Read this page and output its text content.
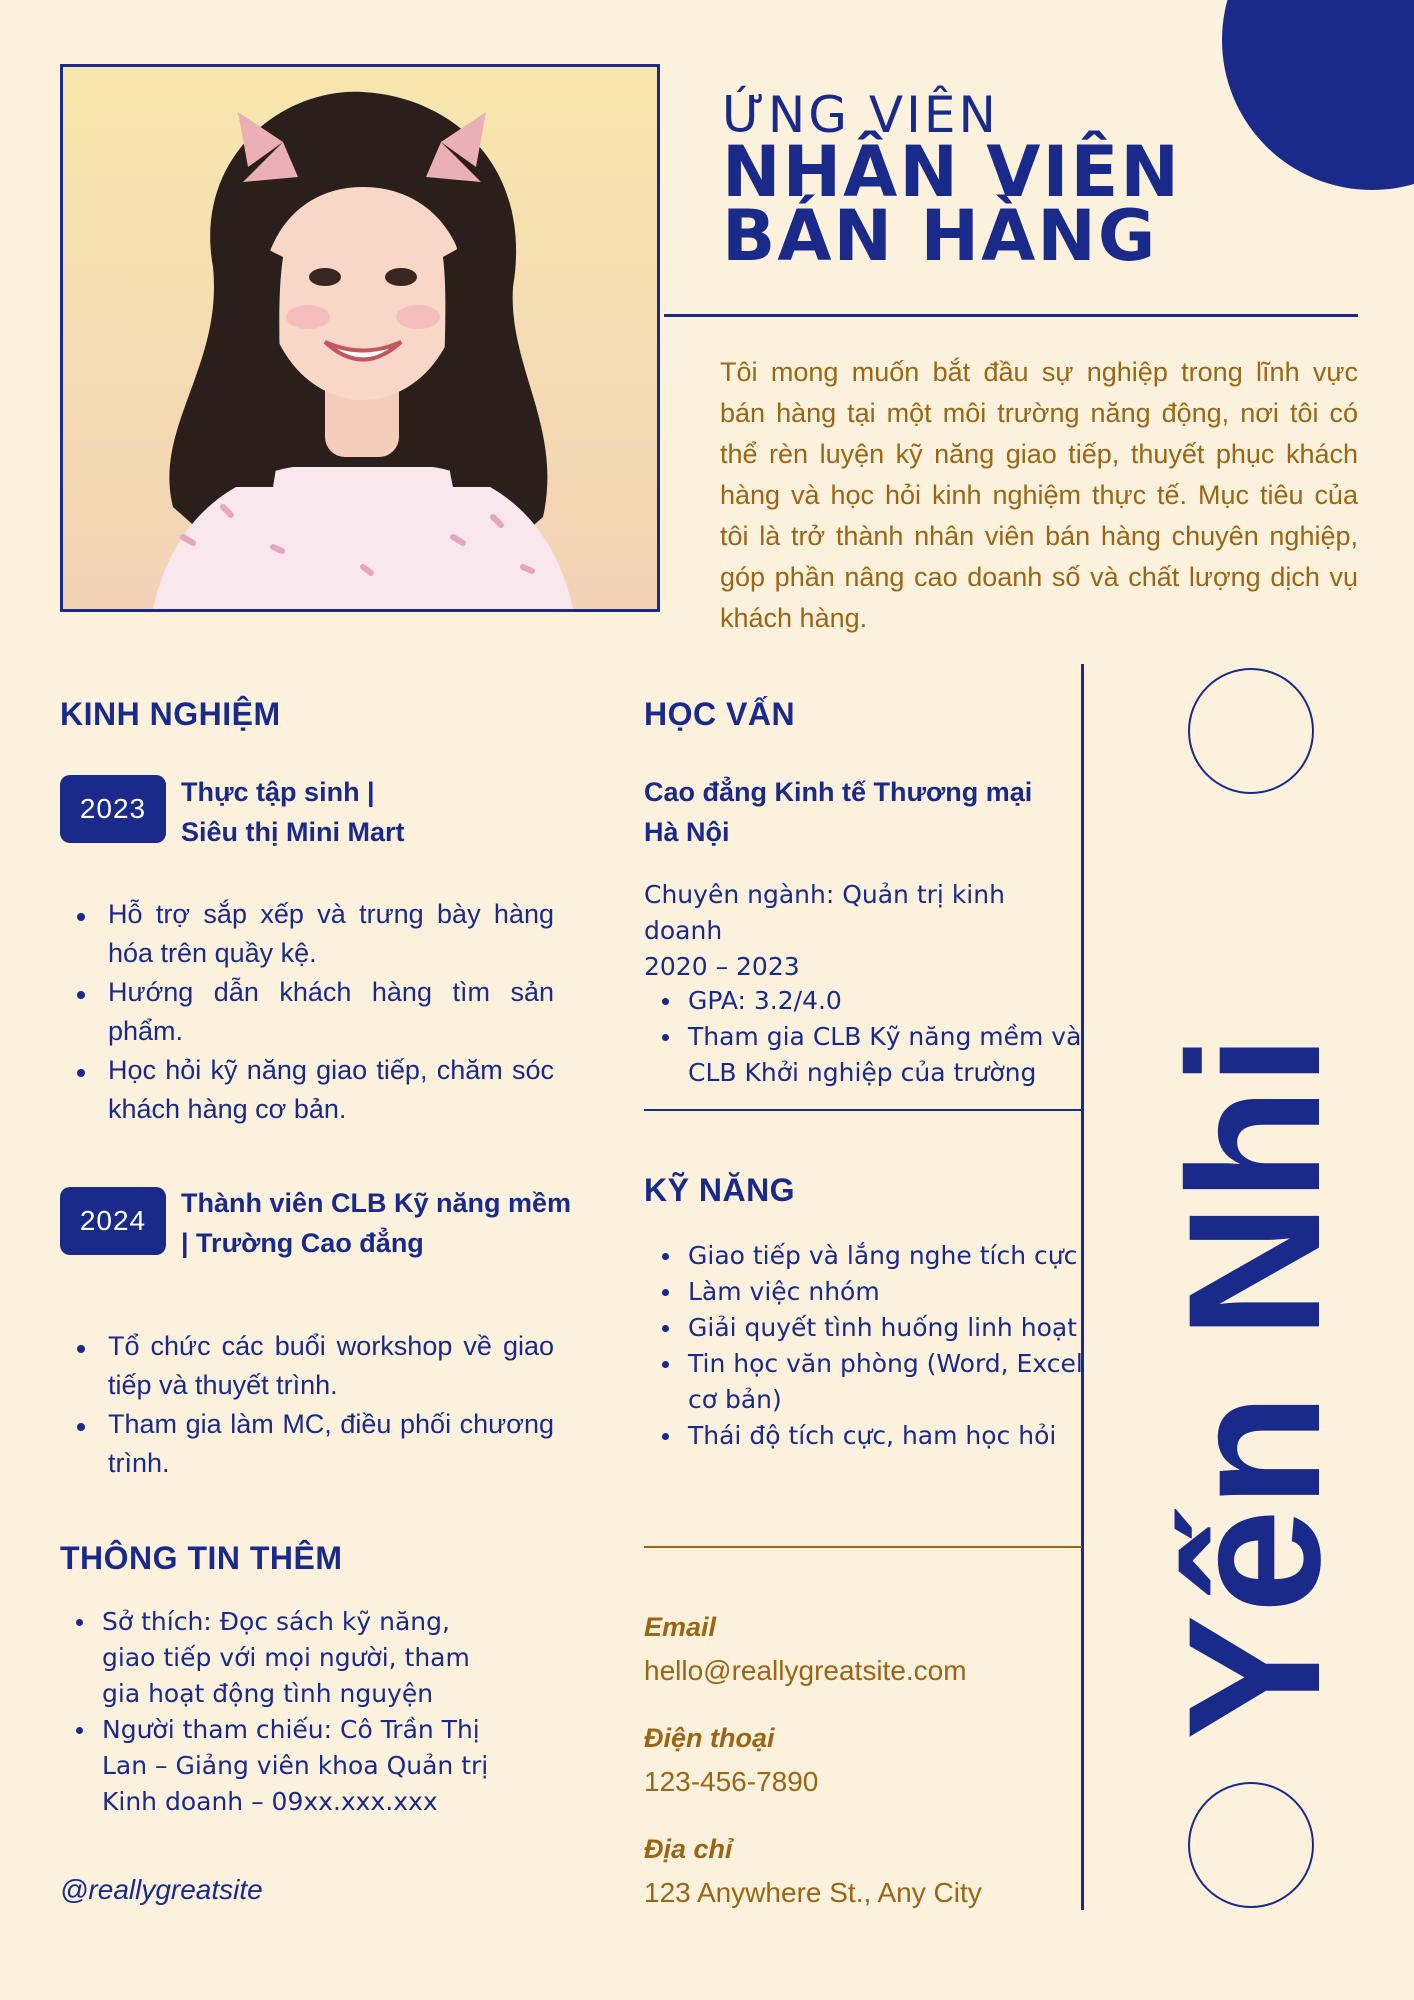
ỨNG VIÊN
NHÂN VIÊN
BÁN HÀNG
Tôi mong muốn bắt đầu sự nghiệp trong lĩnh vực bán hàng tại một môi trường năng động, nơi tôi có thể rèn luyện kỹ năng giao tiếp, thuyết phục khách hàng và học hỏi kinh nghiệm thực tế. Mục tiêu của tôi là trở thành nhân viên bán hàng chuyên nghiệp, góp phần nâng cao doanh số và chất lượng dịch vụ khách hàng.
KINH NGHIỆM
2023
Thực tập sinh |
Siêu thị Mini Mart
Hỗ trợ sắp xếp và trưng bày hàng hóa trên quầy kệ.
Hướng dẫn khách hàng tìm sản phẩm.
Học hỏi kỹ năng giao tiếp, chăm sóc khách hàng cơ bản.
2024
Thành viên CLB Kỹ năng mềm
| Trường Cao đẳng
Tổ chức các buổi workshop về giao tiếp và thuyết trình.
Tham gia làm MC, điều phối chương trình.
THÔNG TIN THÊM
Sở thích: Đọc sách kỹ năng, giao tiếp với mọi người, tham gia hoạt động tình nguyện
Người tham chiếu: Cô Trần Thị Lan – Giảng viên khoa Quản trị Kinh doanh – 09xx.xxx.xxx
@reallygreatsite
HỌC VẤN
Cao đẳng Kinh tế Thương mại
Hà Nội
Chuyên ngành: Quản trị kinh
doanh
2020 – 2023
GPA: 3.2/4.0
Tham gia CLB Kỹ năng mềm và CLB Khởi nghiệp của trường
KỸ NĂNG
Giao tiếp và lắng nghe tích cực
Làm việc nhóm
Giải quyết tình huống linh hoạt
Tin học văn phòng (Word, Excel cơ bản)
Thái độ tích cực, ham học hỏi
Email
hello@reallygreatsite.com
Điện thoại
123-456-7890
Địa chỉ
123 Anywhere St., Any City
Yến Nhi
